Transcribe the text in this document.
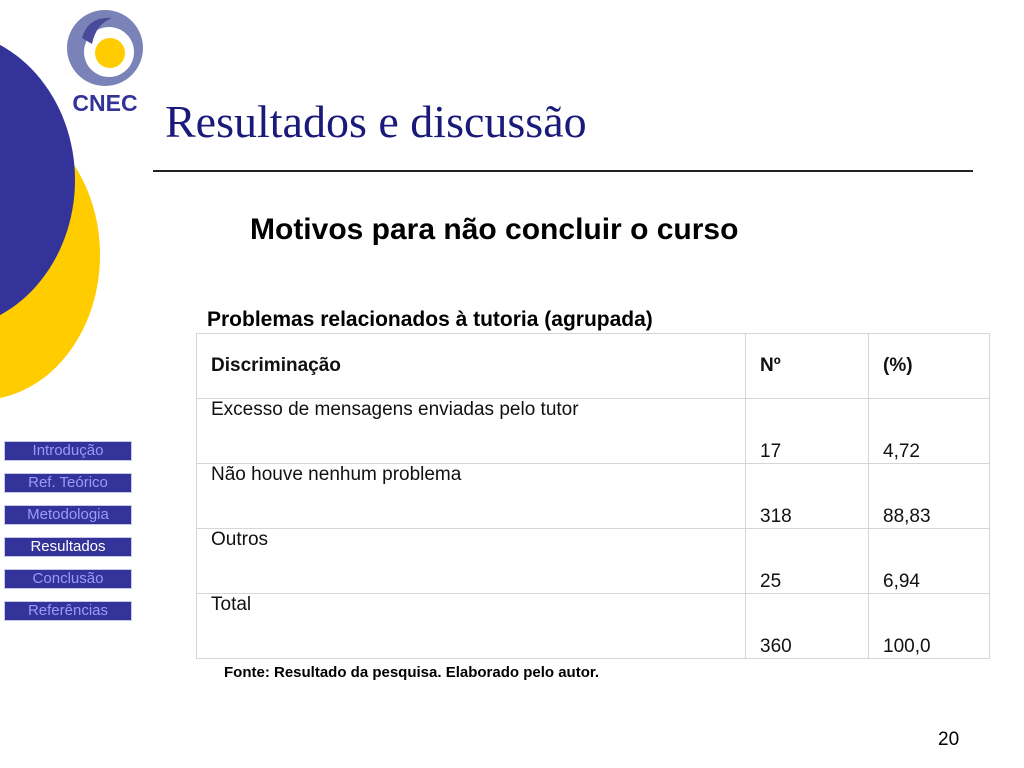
CNEC Resultados e discussão
Motivos para não concluir o curso
Problemas relacionados à tutoria (agrupada)
Introdução
Ref. Teórico
Metodologia
Resultados
Conclusão
Referências
Discriminação	Nº	(%)
Excesso de mensagens enviadas pelo tutor	17	4,72
Não houve nenhum problema	318	88,83
Outros	25	6,94
Total	360	100,0
Fonte: Resultado da pesquisa. Elaborado pelo autor.
20
